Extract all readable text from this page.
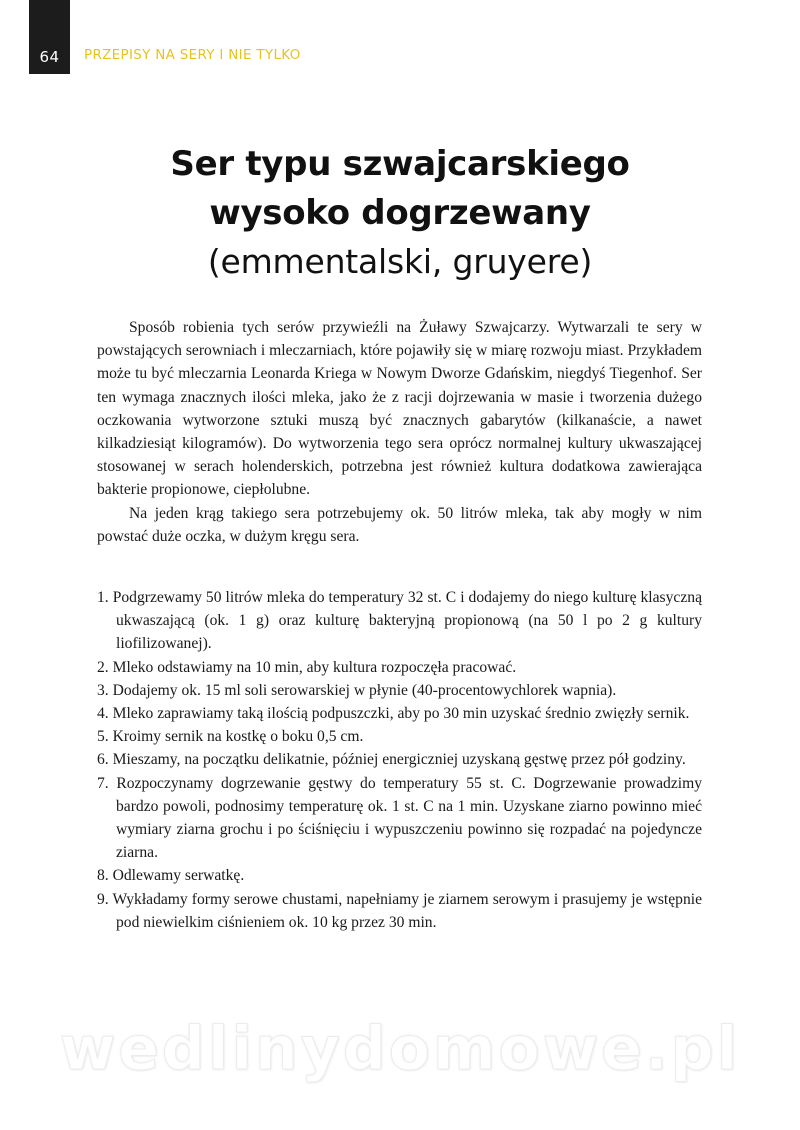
64 PRZEPISY NA SERY I NIE TYLKO
Ser typu szwajcarskiego
wysoko dogrzewany
(emmentalski, gruyere)

Sposób robienia tych serów przywieźli na Żuławy Szwajcarzy. Wytwarzali te sery w powstających serowniach i mleczarniach, które pojawiły się w miarę rozwoju miast. Przykładem może tu być mleczarnia Leonarda Kriega w Nowym Dworze Gdańskim, niegdyś Tiegenhof. Ser ten wymaga znacznych ilości mleka, jako że z racji dojrzewania w masie i tworzenia dużego oczkowania wytworzone sztuki muszą być znacznych gabarytów (kilkanaście, a nawet kilkadziesiąt kilogramów). Do wytworzenia tego sera oprócz normalnej kultury ukwaszającej stosowanej w serach holenderskich, potrzebna jest również kultura dodatkowa zawierająca bakterie propionowe, ciepłolubne.

Na jeden krąg takiego sera potrzebujemy ok. 50 litrów mleka, tak aby mogły w nim powstać duże oczka, w dużym kręgu sera.

1. Podgrzewamy 50 litrów mleka do temperatury 32 st. C i dodajemy do niego kulturę klasyczną ukwaszającą (ok. 1 g) oraz kulturę bakteryjną propionową (na 50 l po 2 g kultury liofilizowanej).
2. Mleko odstawiamy na 10 min, aby kultura rozpoczęła pracować.
3. Dodajemy ok. 15 ml soli serowarskiej w płynie (40-procentowychlorek wapnia).
4. Mleko zaprawiamy taką ilością podpuszczki, aby po 30 min uzyskać średnio zwięzły sernik.
5. Kroimy sernik na kostkę o boku 0,5 cm.
6. Mieszamy, na początku delikatnie, później energiczniej uzyskaną gęstwę przez pół godziny.
7. Rozpoczynamy dogrzewanie gęstwy do temperatury 55 st. C. Dogrzewanie prowadzimy bardzo powoli, podnosimy temperaturę ok. 1 st. C na 1 min. Uzyskane ziarno powinno mieć wymiary ziarna grochu i po ściśnięciu i wypuszczeniu powinno się rozpadać na pojedyncze ziarna.
8. Odlewamy serwatkę.
9. Wykładamy formy serowe chustami, napełniamy je ziarnem serowym i prasujemy je wstępnie pod niewielkim ciśnieniem ok. 10 kg przez 30 min.
wedlinydomowe.pl
